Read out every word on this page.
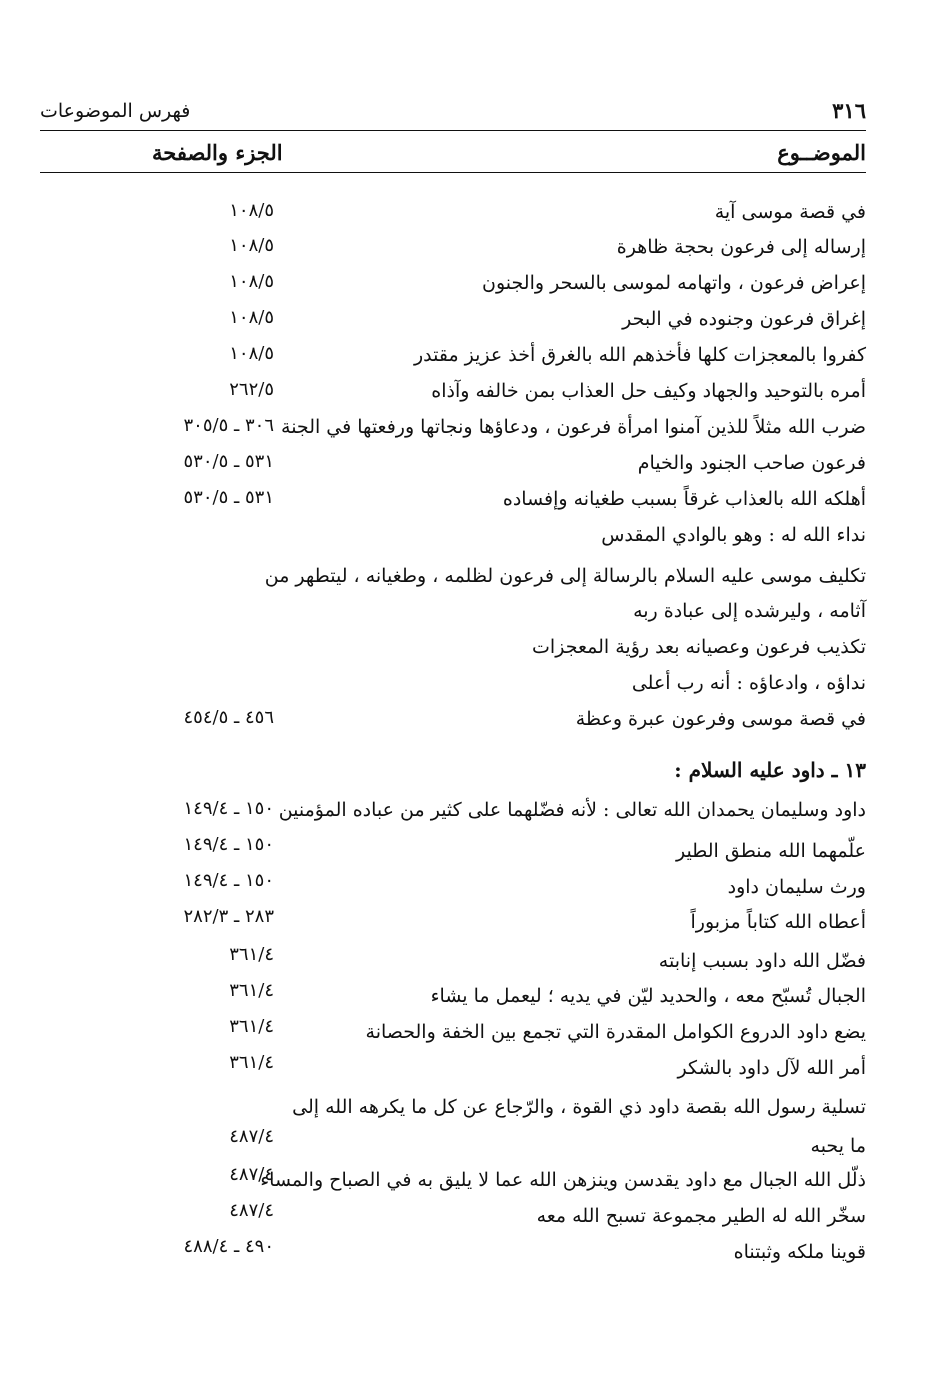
٣١٦
فهرس الموضوعات
الموضــوع
الجزء والصفحة
في قصة موسى آية
إرساله إلى فرعون بحجة ظاهرة
إعراض فرعون ، واتهامه لموسى بالسحر والجنون
إغراق فرعون وجنوده في البحر
كفروا بالمعجزات كلها فأخذهم الله بالغرق أخذ عزيز مقتدر
أمره بالتوحيد والجهاد وكيف حل العذاب بمن خالفه وآذاه
ضرب الله مثلاً للذين آمنوا امرأة فرعون ، ودعاؤها ونجاتها ورفعتها في الجنة
فرعون صاحب الجنود والخيام
أهلكه الله بالعذاب غرقاً بسبب طغيانه وإفساده
نداء الله له : وهو بالوادي المقدس
تكليف موسى عليه السلام بالرسالة إلى فرعون لظلمه ، وطغيانه ، ليتطهر من
آثامه ، وليرشده إلى عبادة ربه
تكذيب فرعون وعصيانه بعد رؤية المعجزات
نداؤه ، وادعاؤه : أنه رب أعلى
في قصة موسى وفرعون عبرة وعظة
١٣ ـ داود عليه السلام :
داود وسليمان يحمدان الله تعالى : لأنه فضّلهما على كثير من عباده المؤمنين
علّمهما الله منطق الطير
ورث سليمان داود
أعطاه الله كتاباً مزبوراً
فضّل الله داود بسبب إنابته
الجبال تُسبّح معه ، والحديد ليّن في يديه ؛ ليعمل ما يشاء
يضع داود الدروع الكوامل المقدرة التي تجمع بين الخفة والحصانة
أمر الله لآل داود بالشكر
تسلية رسول الله بقصة داود ذي القوة ، والرّجاع عن كل ما يكرهه الله إلى
ما يحبه
ذلّل الله الجبال مع داود يقدسن وينزهن الله عما لا يليق به في الصباح والمساء
سخّر الله له الطير مجموعة تسبح الله معه
قوينا ملكه وثبتناه
١٠٨/٥
١٠٨/٥
١٠٨/٥
١٠٨/٥
١٠٨/٥
٢٦٢/٥
٣٠٦ ـ ٣٠٥/٥
٥٣١ ـ ٥٣٠/٥
٥٣١ ـ ٥٣٠/٥
٤٥٦ ـ ٤٥٤/٥
١٥٠ ـ ١٤٩/٤
١٥٠ ـ ١٤٩/٤
١٥٠ ـ ١٤٩/٤
٢٨٣ ـ ٢٨٢/٣
٣٦١/٤
٣٦١/٤
٣٦١/٤
٣٦١/٤
٤٨٧/٤
٤٨٧/٤
٤٨٧/٤
٤٩٠ ـ ٤٨٨/٤
